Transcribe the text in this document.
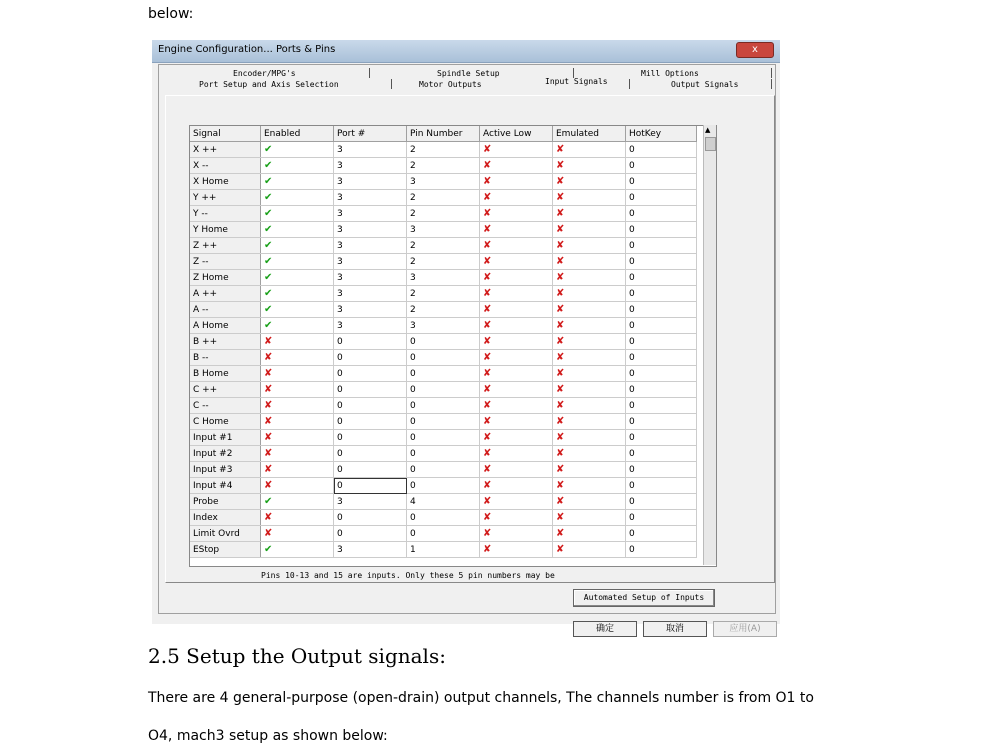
below:
Engine Configuration... Ports & Pins	x
Encoder/MPG's	Spindle Setup	Mill Options
Port Setup and Axis Selection	Motor Outputs	Input Signals	Output Signals
Signal	Enabled	Port #	Pin Number	Active Low	Emulated	HotKey
X ++	✔	3	2	✘	✘	0
X --	✔	3	2	✘	✘	0
X Home	✔	3	3	✘	✘	0
Y ++	✔	3	2	✘	✘	0
Y --	✔	3	2	✘	✘	0
Y Home	✔	3	3	✘	✘	0
Z ++	✔	3	2	✘	✘	0
Z --	✔	3	2	✘	✘	0
Z Home	✔	3	3	✘	✘	0
A ++	✔	3	2	✘	✘	0
A --	✔	3	2	✘	✘	0
A Home	✔	3	3	✘	✘	0
B ++	✘	0	0	✘	✘	0
B --	✘	0	0	✘	✘	0
B Home	✘	0	0	✘	✘	0
C ++	✘	0	0	✘	✘	0
C --	✘	0	0	✘	✘	0
C Home	✘	0	0	✘	✘	0
Input #1	✘	0	0	✘	✘	0
Input #2	✘	0	0	✘	✘	0
Input #3	✘	0	0	✘	✘	0
Input #4	✘	0	0	✘	✘	0
Probe	✔	3	4	✘	✘	0
Index	✘	0	0	✘	✘	0
Limit Ovrd	✘	0	0	✘	✘	0
EStop	✔	3	1	✘	✘	0
▲
Pins 10-13 and 15 are inputs. Only these 5 pin numbers may be
Automated Setup of Inputs
确定	取消	应用(A)
2.5 Setup the Output signals:
There are 4 general-purpose (open-drain) output channels, The channels number is from O1 to
O4, mach3 setup as shown below:
